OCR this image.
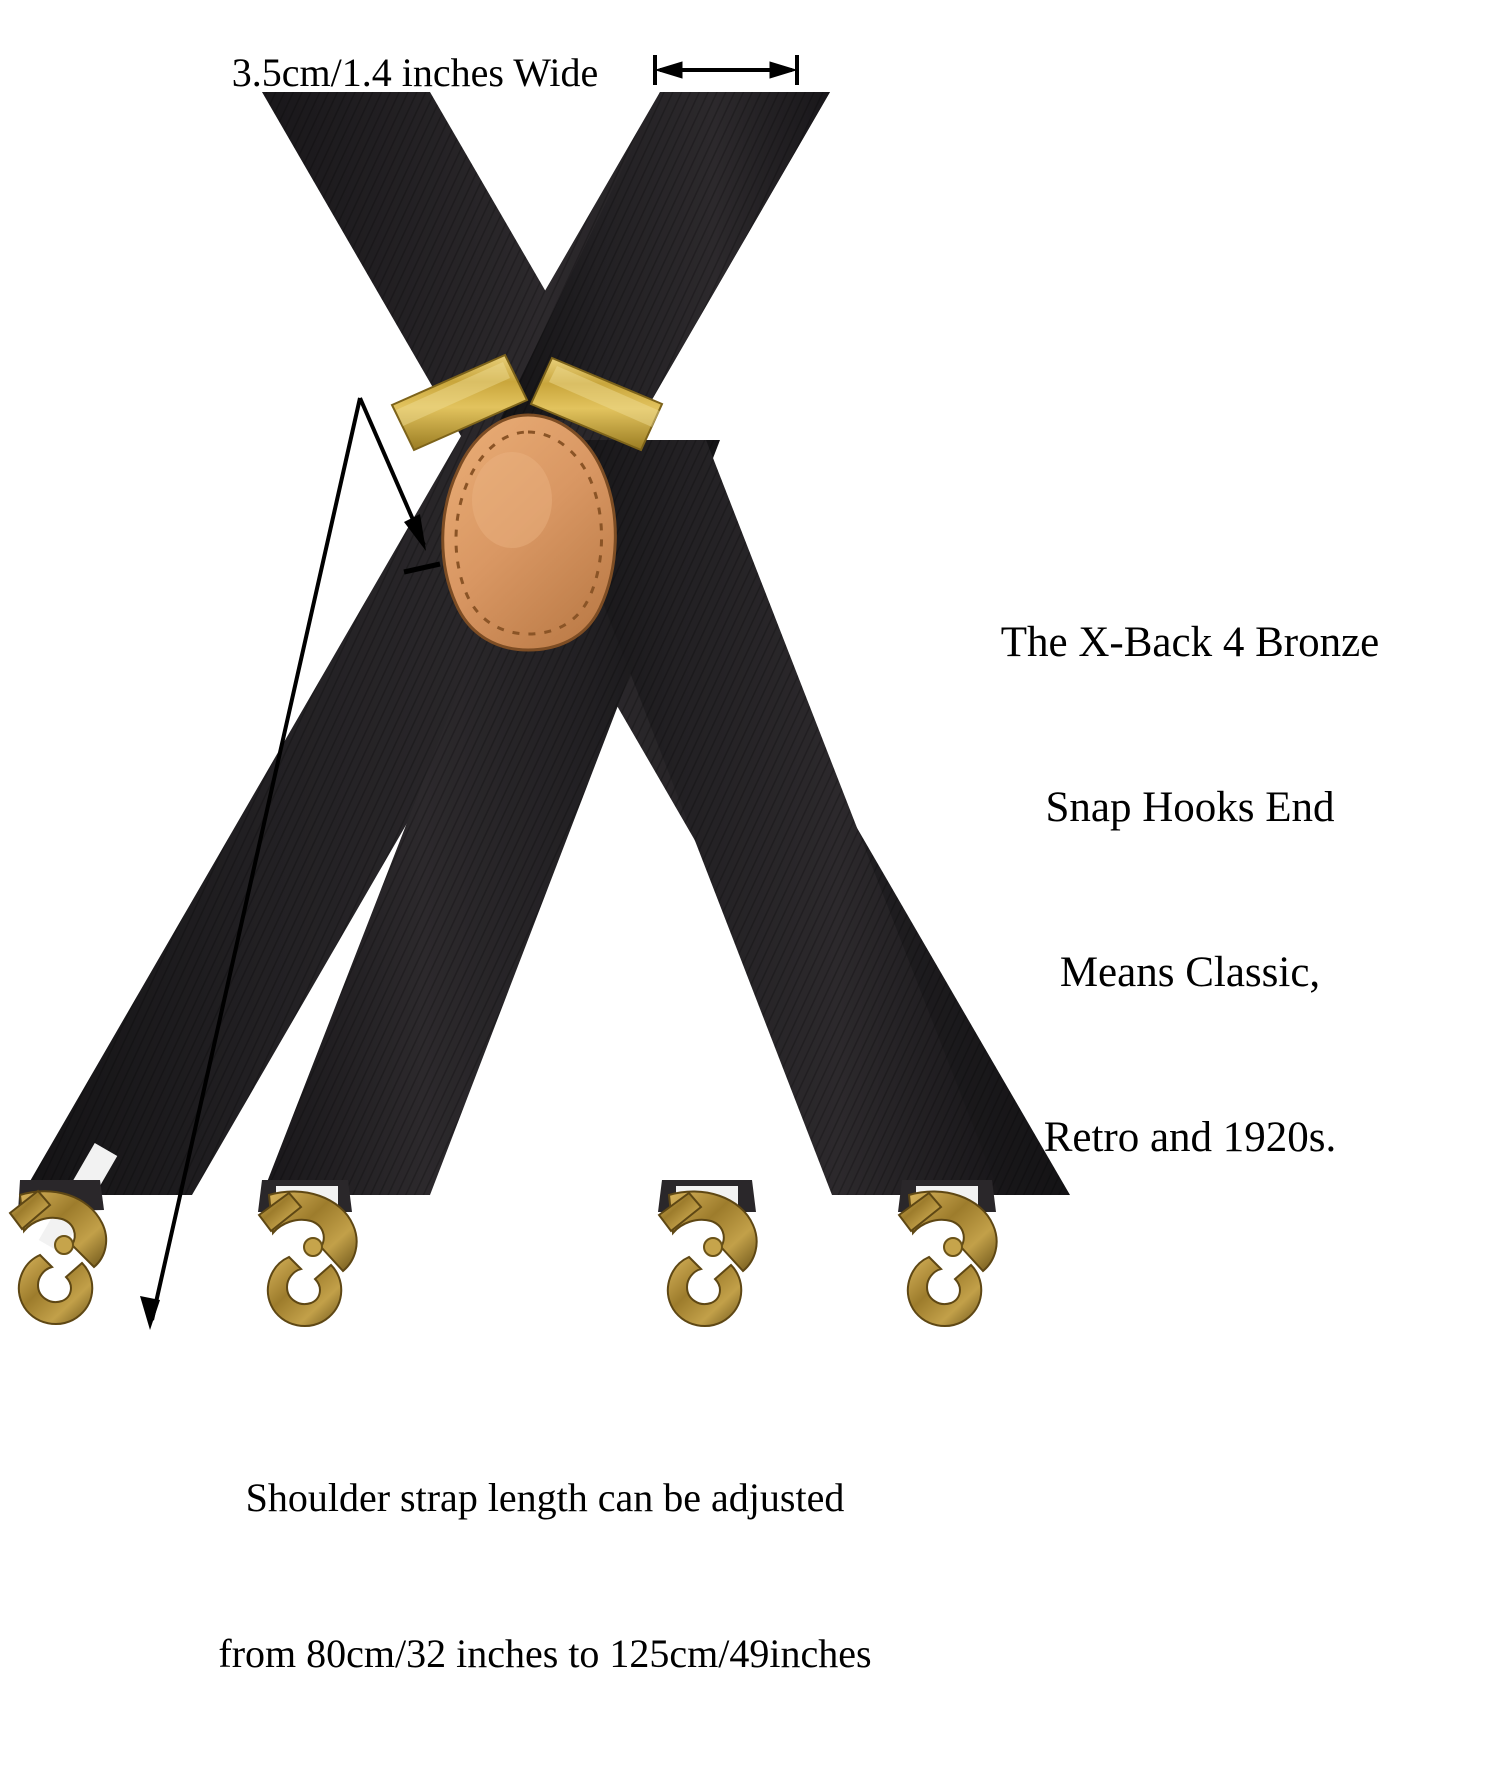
3.5cm/1.4 inches Wide

The X-Back 4 Bronze

Snap Hooks End

Means Classic,

Retro and 1920s.

Shoulder strap length can be adjusted

from 80cm/32 inches to 125cm/49inches
